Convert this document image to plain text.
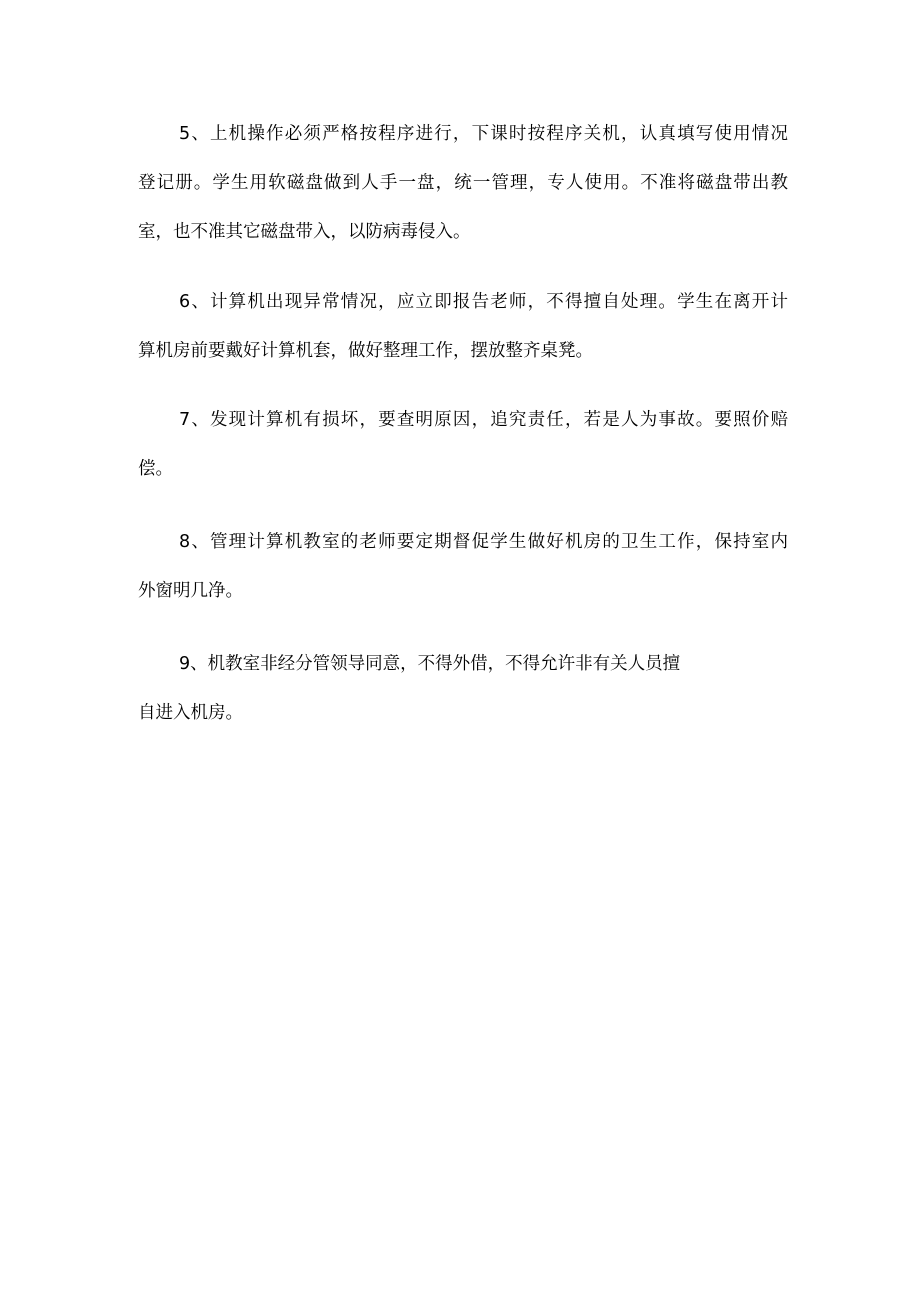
5、上机操作必须严格按程序进行，下课时按程序关机，认真填写使用情况
登记册。学生用软磁盘做到人手一盘，统一管理，专人使用。不准将磁盘带出教
室，也不准其它磁盘带入，以防病毒侵入。
6、计算机出现异常情况，应立即报告老师，不得擅自处理。学生在离开计
算机房前要戴好计算机套，做好整理工作，摆放整齐桌凳。
7、发现计算机有损坏，要查明原因，追究责任，若是人为事故。要照价赔
偿。
8、管理计算机教室的老师要定期督促学生做好机房的卫生工作，保持室内
外窗明几净。
9、机教室非经分管领导同意，不得外借，不得允许非有关人员擅
自进入机房。
